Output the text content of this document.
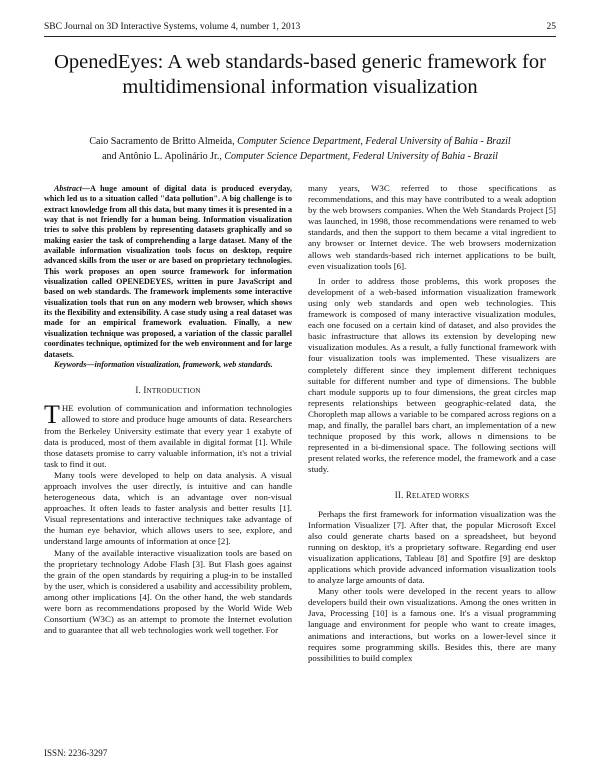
SBC Journal on 3D Interactive Systems, volume 4, number 1, 2013	25
OpenedEyes: A web standards-based generic framework for multidimensional information visualization
Caio Sacramento de Britto Almeida, Computer Science Department, Federal University of Bahia - Brazil
and Antônio L. Apolinário Jr., Computer Science Department, Federal University of Bahia - Brazil

Abstract—A huge amount of digital data is produced everyday, which led us to a situation called "data pollution". A big challenge is to extract knowledge from all this data, but many times it is presented in a way that is not friendly for a human being. Information visualization tries to solve this problem by representing datasets graphically and so making easier the task of comprehending a large dataset. Many of the available information visualization tools focus on desktop, require advanced skills from the user or are based on proprietary technologies. This work proposes an open source framework for information visualization called OPENEDEYES, written in pure JavaScript and based on web standards. The framework implements some interactive visualization tools that run on any modern web browser, which shows its the flexibility and extensibility. A case study using a real dataset was made for an empirical framework evaluation. Finally, a new visualization technique was proposed, a variation of the classic parallel coordinates technique, optimized for the web environment and for large datasets.

Keywords—information visualization, framework, web standards.

I. INTRODUCTION

THE evolution of communication and information technologies allowed to store and produce huge amounts of data. Researchers from the Berkeley University estimate that every year 1 exabyte of data is produced, most of them available in digital format [1]. While those datasets promise to carry valuable information, it's not a trivial task to find it out.

Many tools were developed to help on data analysis. A visual approach involves the user directly, is intuitive and can handle heterogeneous data, which is an advantage over non-visual approaches. It often leads to faster analysis and better results [1]. Visual representations and interactive techniques take advantage of the human eye behavior, which allows users to see, explore, and understand large amounts of information at once [2].

Many of the available interactive visualization tools are based on the proprietary technology Adobe Flash [3]. But Flash goes against the grain of the open standards by requiring a plug-in to be installed by the user, which is considered a usability and accessibility problem, among other implications [4]. On the other hand, the web standards were born as recommendations proposed by the World Wide Web Consortium (W3C) as an attempt to promote the Internet evolution and to guarantee that all web technologies work well together. For

many years, W3C referred to those specifications as recommendations, and this may have contributed to a weak adoption by the web browsers companies. When the Web Standards Project [5] was launched, in 1998, those recommendations were renamed to web standards, and then the support to them became a vital ingredient to any browser or Internet device. The web browsers modernization allows web standards-based rich internet applications to be built, even visualization tools [6].

In order to address those problems, this work proposes the development of a web-based information visualization framework using only web standards and open web technologies. This framework is composed of many interactive visualization modules, each one focused on a certain kind of dataset, and also provides the basic infrastructure that allows its extension by developing new visualization modules. As a result, a fully functional framework with four visualization tools was implemented. These visualizers are completely different since they implement different techniques suitable for different number and type of dimensions. The bubble chart module supports up to four dimensions, the great circles map represents relationships between geographic-related data, the Choropleth map allows a variable to be compared across regions on a map, and finally, the parallel bars chart, an implementation of a new technique proposed by this work, allows n dimensions to be represented in a bi-dimensional space. The following sections will present related works, the reference model, the framework and a case study.

II. RELATED WORKS

Perhaps the first framework for information visualization was the Information Visualizer [7]. After that, the popular Microsoft Excel also could generate charts based on a spreadsheet, but beyond running on desktop, it's a proprietary software. Regarding end user visualization applications, Tableau [8] and Spotfire [9] are desktop applications which provide advanced information visualization tools to analyze large amounts of data.

Many other tools were developed in the recent years to allow developers build their own visualizations. Among the ones written in Java, Processing [10] is a famous one. It's a visual programming language and environment for people who want to create images, animations and interactions, but works on a lower-level since it requires some programming skills. Besides this, there are many possibilities to build complex

ISSN: 2236-3297
